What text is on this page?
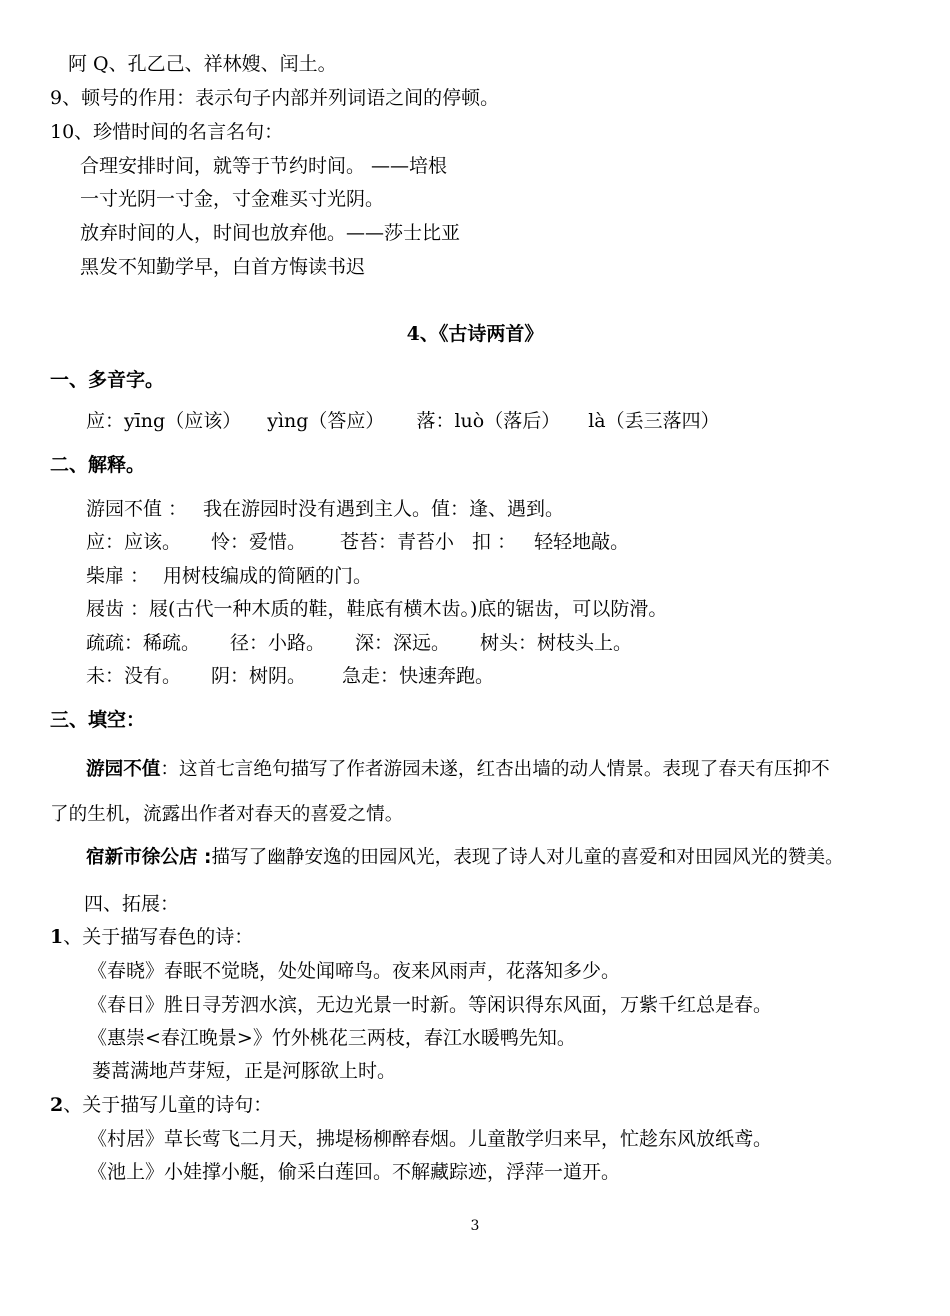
阿 Q、孔乙己、祥林嫂、闰土。
9、顿号的作用：表示句子内部并列词语之间的停顿。
10、珍惜时间的名言名句：
合理安排时间，就等于节约时间。 ——培根
一寸光阴一寸金，寸金难买寸光阴。
放弃时间的人，时间也放弃他。——莎士比亚
黑发不知勤学早，白首方悔读书迟
4、《古诗两首》
一、多音字。
应：yīng（应该） yìng（答应） 落：luò（落后） là（丢三落四）
二、解释。
游园不值 ： 我在游园时没有遇到主人。值：逢、遇到。
应：应该。 怜：爱惜。 苍苔：青苔小 扣 ： 轻轻地敲。
柴扉 ： 用树枝编成的简陋的门。
屐齿 ：屐(古代一种木质的鞋，鞋底有横木齿。)底的锯齿，可以防滑。
疏疏：稀疏。 径：小路。 深：深远。 树头：树枝头上。
未：没有。 阴：树阴。 急走：快速奔跑。
三、填空：
游园不值：这首七言绝句描写了作者游园未遂，红杏出墙的动人情景。表现了春天有压抑不
了的生机，流露出作者对春天的喜爱之情。
宿新市徐公店 :描写了幽静安逸的田园风光，表现了诗人对儿童的喜爱和对田园风光的赞美。
四、拓展：
1、关于描写春色的诗：
《春晓》春眠不觉晓，处处闻啼鸟。夜来风雨声，花落知多少。
《春日》胜日寻芳泗水滨，无边光景一时新。等闲识得东风面，万紫千红总是春。
《惠崇<春江晚景>》竹外桃花三两枝，春江水暖鸭先知。
蒌蒿满地芦芽短，正是河豚欲上时。
2、关于描写儿童的诗句：
《村居》草长莺飞二月天，拂堤杨柳醉春烟。儿童散学归来早，忙趁东风放纸鸢。
《池上》小娃撑小艇，偷采白莲回。不解藏踪迹，浮萍一道开。
3
